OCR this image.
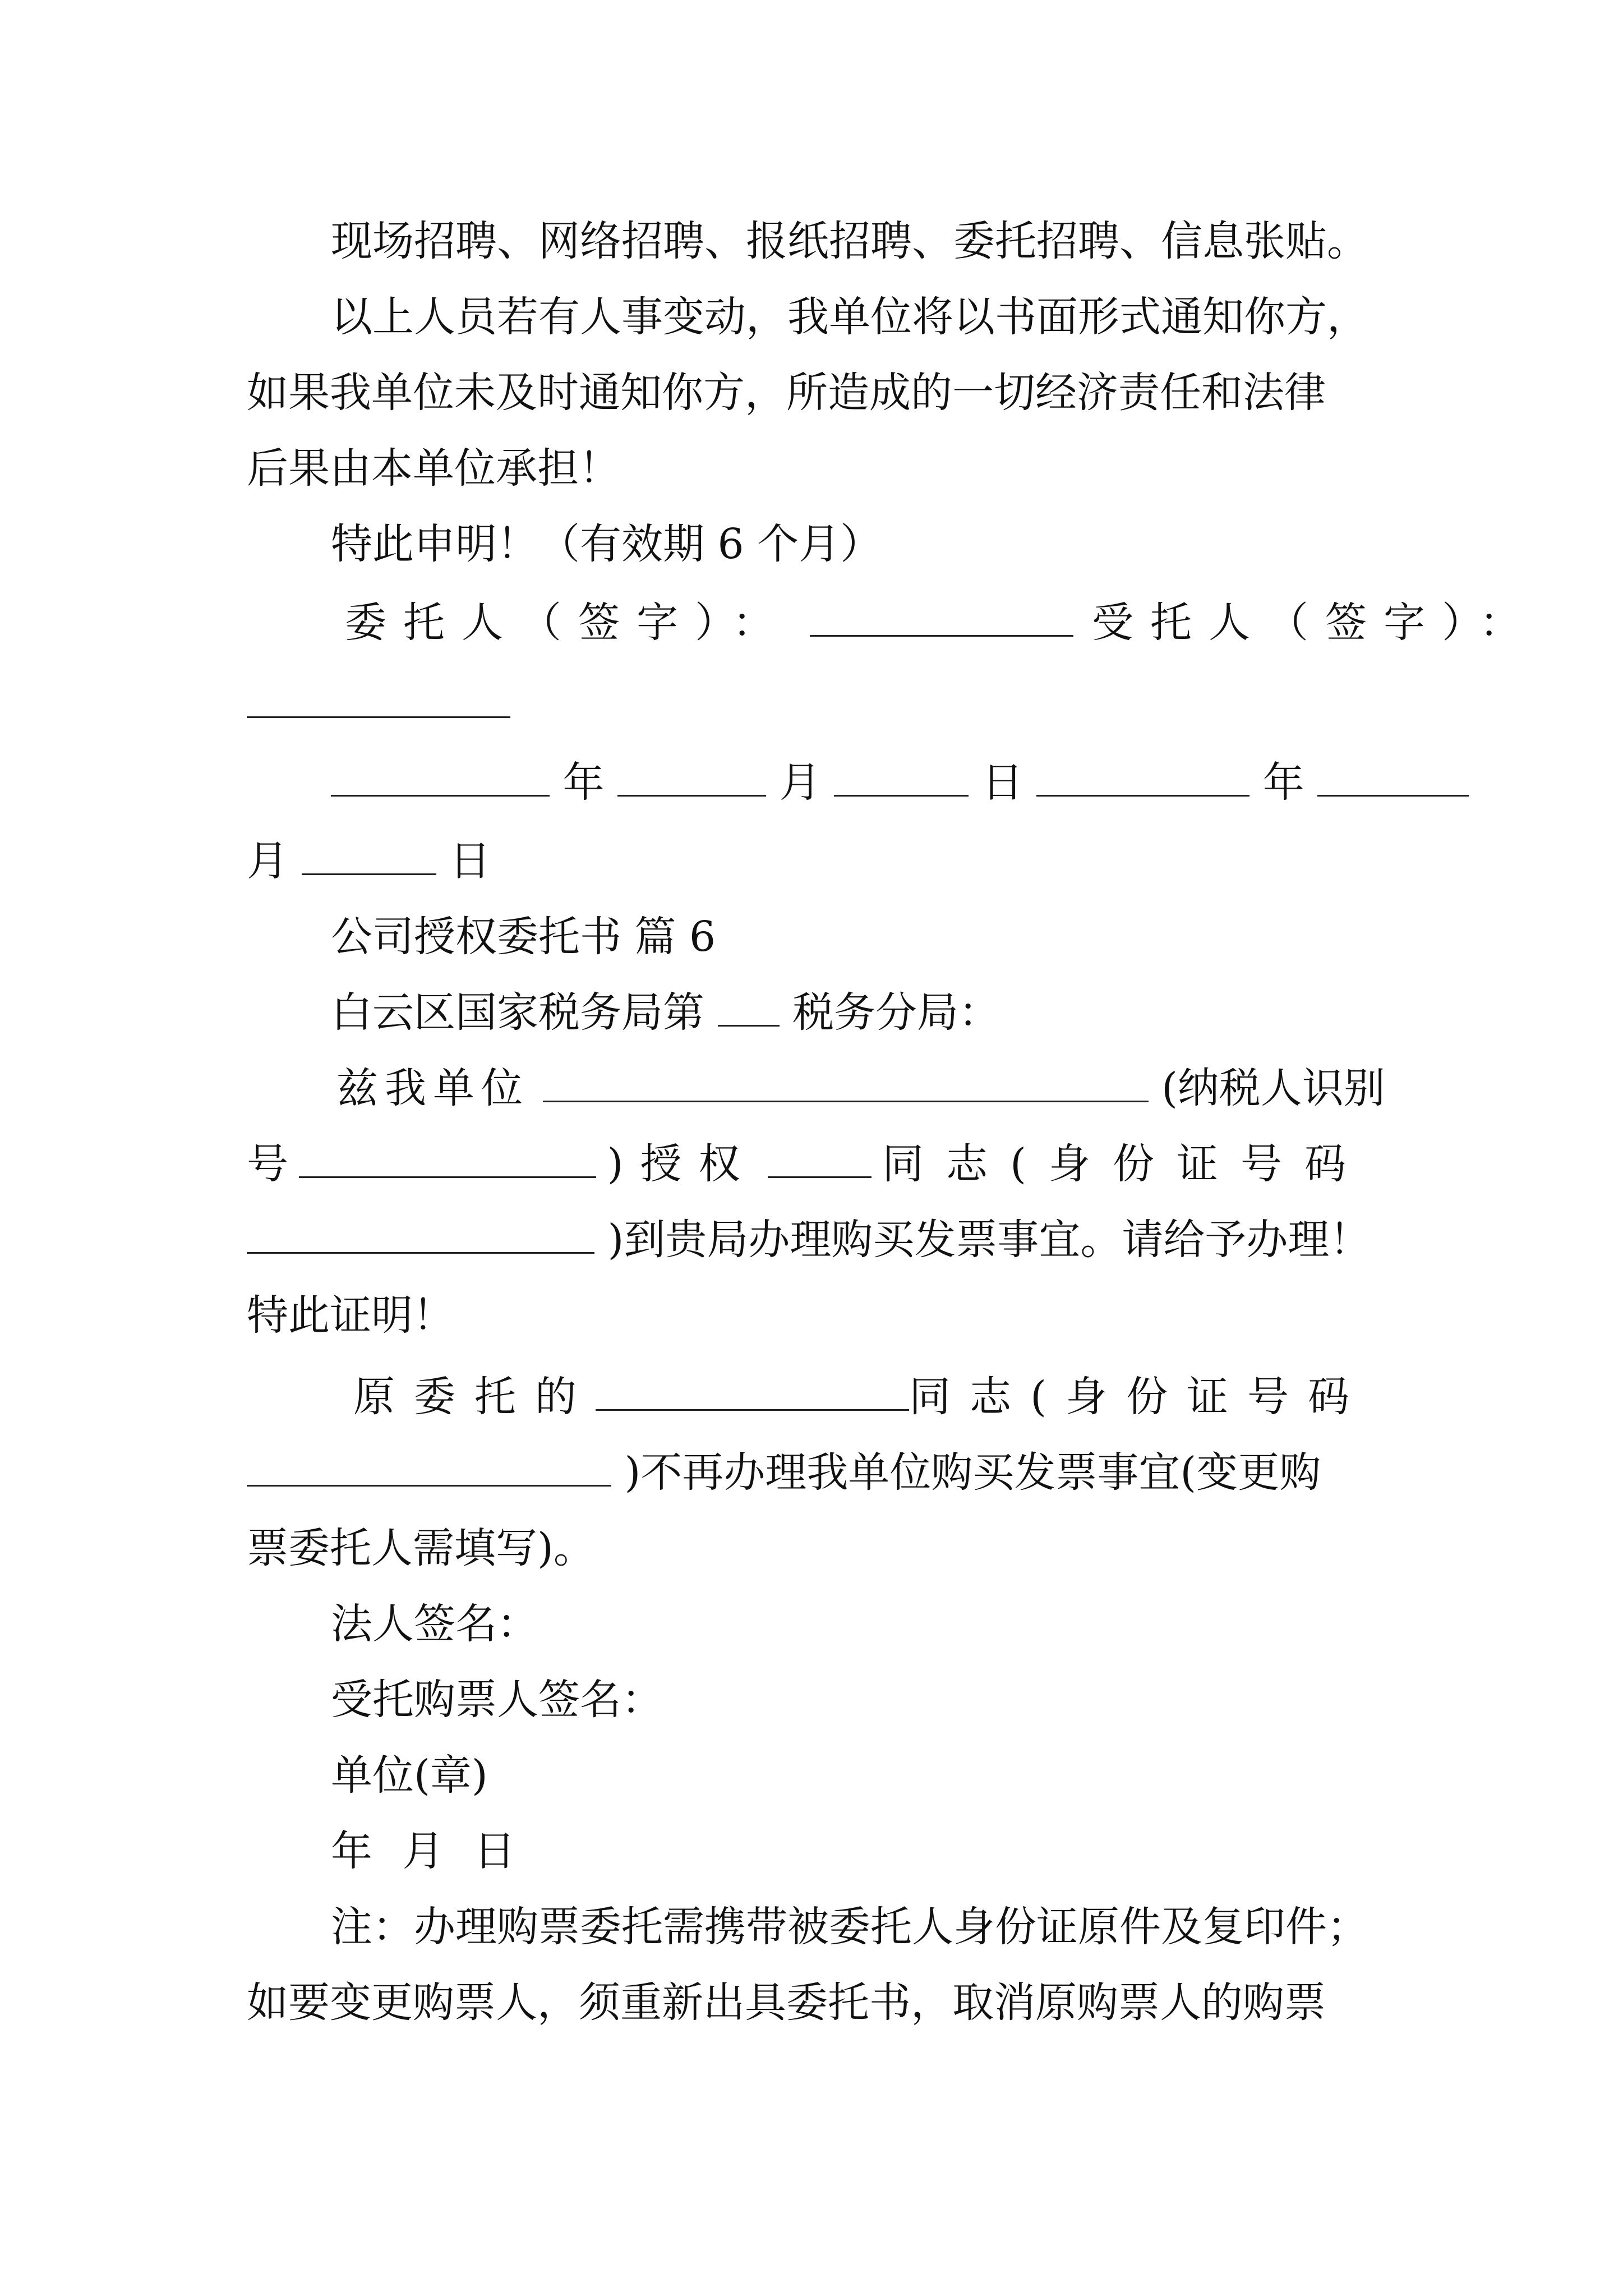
现场招聘、网络招聘、报纸招聘、委托招聘、信息张贴。
以上人员若有人事变动，我单位将以书面形式通知你方，
如果我单位未及时通知你方，所造成的一切经济责任和法律
后果由本单位承担！
特此申明！（有效期 6 个月）
委托人（签字）：	受托人（签字）：
年	月	日	年
月	日
公司授权委托书 篇 6
白云区国家税务局第 税务分局：
兹我单位	(纳税人识别
号	)授权	同志(身份证号码
)到贵局办理购买发票事宜。请给予办理！
特此证明！
原委托的	同志(身份证号码
)不再办理我单位购买发票事宜(变更购
票委托人需填写)。
法人签名：
受托购票人签名：
单位(章)
年 月 日
注：办理购票委托需携带被委托人身份证原件及复印件；
如要变更购票人，须重新出具委托书，取消原购票人的购票
